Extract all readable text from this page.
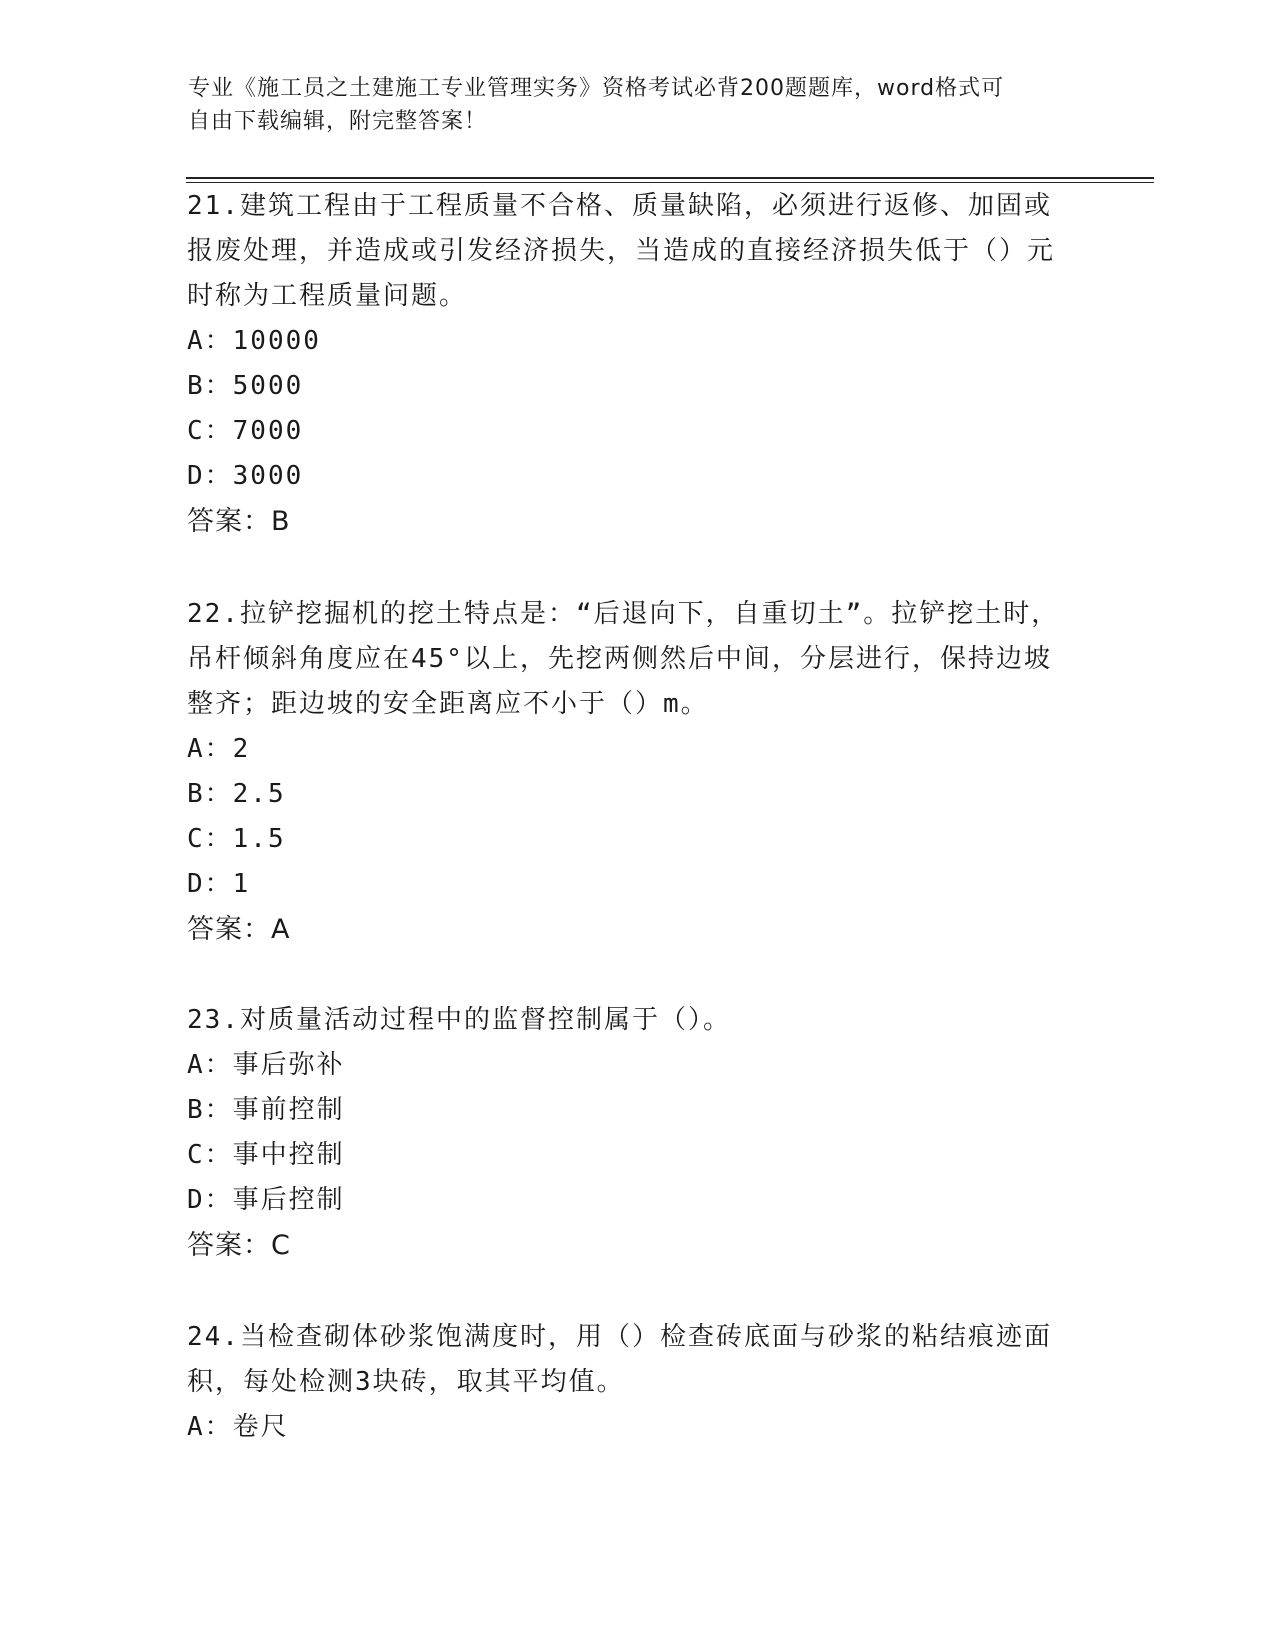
专业《施工员之土建施工专业管理实务》资格考试必背200题题库，word格式可
自由下载编辑，附完整答案！
21.建筑工程由于工程质量不合格、质量缺陷，必须进行返修、加固或报废处理，并造成或引发经济损失，当造成的直接经济损失低于（）元时称为工程质量问题。
A：10000
B：5000
C：7000
D：3000
答案：B
22.拉铲挖掘机的挖土特点是：“后退向下，自重切土”。拉铲挖土时，吊杆倾斜角度应在45°以上，先挖两侧然后中间，分层进行，保持边坡整齐；距边坡的安全距离应不小于（）m。
A：2
B：2.5
C：1.5
D：1
答案：A
23.对质量活动过程中的监督控制属于（）。
A：事后弥补
B：事前控制
C：事中控制
D：事后控制
答案：C
24.当检查砌体砂浆饱满度时，用（）检查砖底面与砂浆的粘结痕迹面积，每处检测3块砖，取其平均值。
A：卷尺
